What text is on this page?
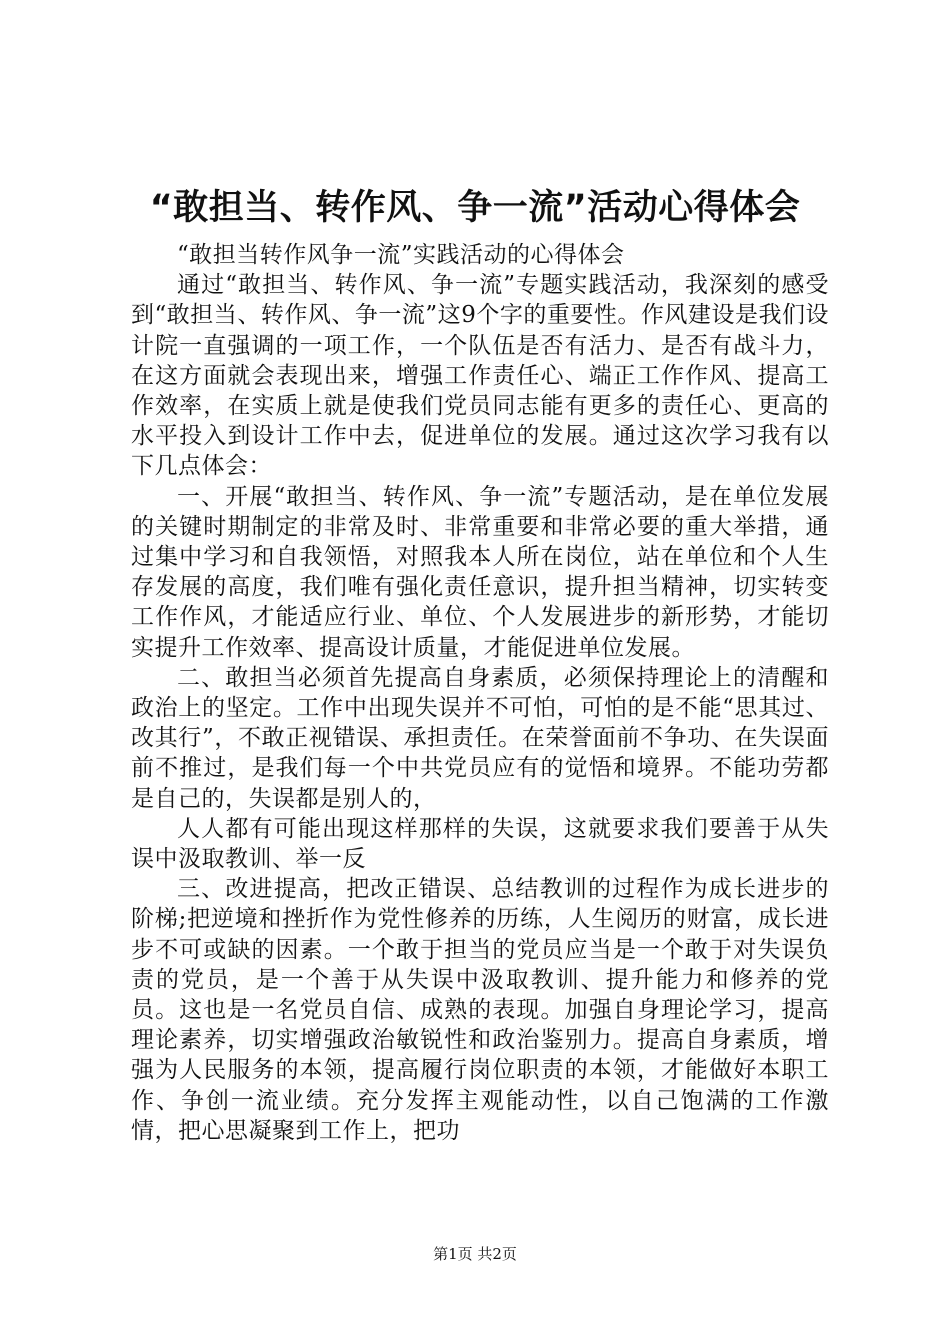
“敢担当、转作风、争一流”活动心得体会

“敢担当转作风争一流”实践活动的心得体会

通过“敢担当、转作风、争一流”专题实践活动，我深刻的感受到“敢担当、转作风、争一流”这9个字的重要性。作风建设是我们设计院一直强调的一项工作，一个队伍是否有活力、是否有战斗力，在这方面就会表现出来，增强工作责任心、端正工作作风、提高工作效率，在实质上就是使我们党员同志能有更多的责任心、更高的水平投入到设计工作中去，促进单位的发展。通过这次学习我有以下几点体会：

一、开展“敢担当、转作风、争一流”专题活动，是在单位发展的关键时期制定的非常及时、非常重要和非常必要的重大举措，通过集中学习和自我领悟，对照我本人所在岗位，站在单位和个人生存发展的高度，我们唯有强化责任意识，提升担当精神，切实转变工作作风，才能适应行业、单位、个人发展进步的新形势，才能切实提升工作效率、提高设计质量，才能促进单位发展。

二、敢担当必须首先提高自身素质，必须保持理论上的清醒和政治上的坚定。工作中出现失误并不可怕，可怕的是不能“思其过、改其行”，不敢正视错误、承担责任。在荣誉面前不争功、在失误面前不推过，是我们每一个中共党员应有的觉悟和境界。不能功劳都是自己的，失误都是别人的，

人人都有可能出现这样那样的失误，这就要求我们要善于从失误中汲取教训、举一反

三、改进提高，把改正错误、总结教训的过程作为成长进步的阶梯;把逆境和挫折作为党性修养的历练，人生阅历的财富，成长进步不可或缺的因素。一个敢于担当的党员应当是一个敢于对失误负责的党员，是一个善于从失误中汲取教训、提升能力和修养的党员。这也是一名党员自信、成熟的表现。加强自身理论学习，提高理论素养，切实增强政治敏锐性和政治鉴别力。提高自身素质，增强为人民服务的本领，提高履行岗位职责的本领，才能做好本职工作、争创一流业绩。充分发挥主观能动性，以自己饱满的工作激情，把心思凝聚到工作上，把功

第1页 共2页
